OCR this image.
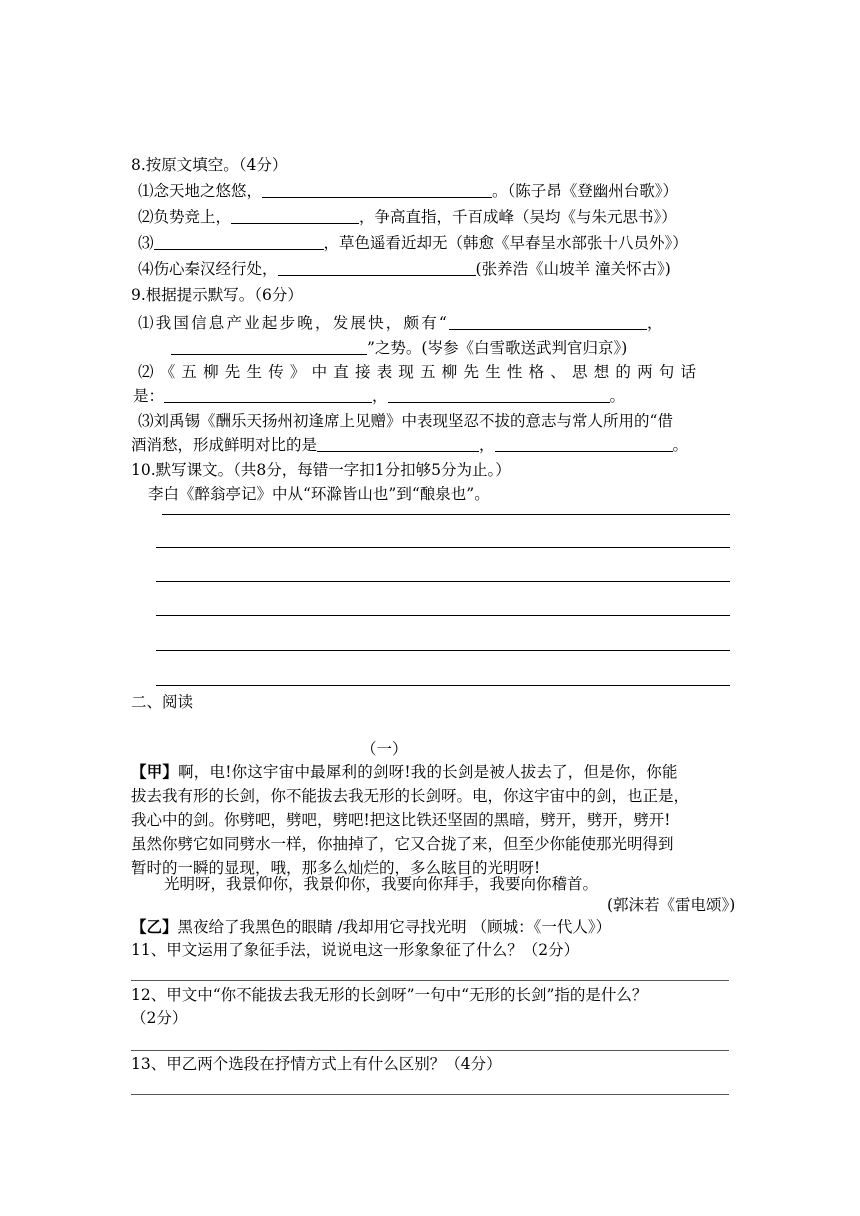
8.按原文填空。（4分）
⑴念天地之悠悠，	。（陈子昂《登幽州台歌》）
⑵负势竞上，	，争高直指，千百成峰（吴均《与朱元思书》）
⑶	，草色遥看近却无（韩愈《早春呈水部张十八员外》）
⑷伤心秦汉经行处，	(张养浩《山坡羊 潼关怀古》)
9.根据提示默写。（6分）
⑴我国信息产业起步晚，发展快，颇有“	，
”之势。(岑参《白雪歌送武判官归京》)
⑵《五柳先生传》中直接表现五柳先生性格、思想的两句话
是：	，	。
⑶刘禹锡《酬乐天扬州初逢席上见赠》中表现坚忍不拔的意志与常人所用的“借
酒消愁，形成鲜明对比的是	，	。
10.默写课文。（共8分，每错一字扣1分扣够5分为止。）
李白《醉翁亭记》中从“环滁皆山也”到“酿泉也”。
二、阅读
（一）
【甲】啊，电!你这宇宙中最犀利的剑呀!我的长剑是被人拔去了，但是你，你能
拔去我有形的长剑，你不能拔去我无形的长剑呀。电，你这宇宙中的剑，也正是，
我心中的剑。你劈吧，劈吧，劈吧!把这比铁还坚固的黑暗，劈开，劈开，劈开!
虽然你劈它如同劈水一样，你抽掉了，它又合拢了来，但至少你能使那光明得到
暂时的一瞬的显现，哦，那多么灿烂的，多么眩目的光明呀!
光明呀，我景仰你，我景仰你，我要向你拜手，我要向你稽首。
(郭沫若《雷电颂》)
【乙】黑夜给了我黑色的眼睛 /我却用它寻找光明 （顾城：《一代人》）
11、甲文运用了象征手法，说说电这一形象象征了什么？（2分）
12、甲文中“你不能拔去我无形的长剑呀”一句中“无形的长剑”指的是什么？
（2分）
13、甲乙两个选段在抒情方式上有什么区别？（4分）
